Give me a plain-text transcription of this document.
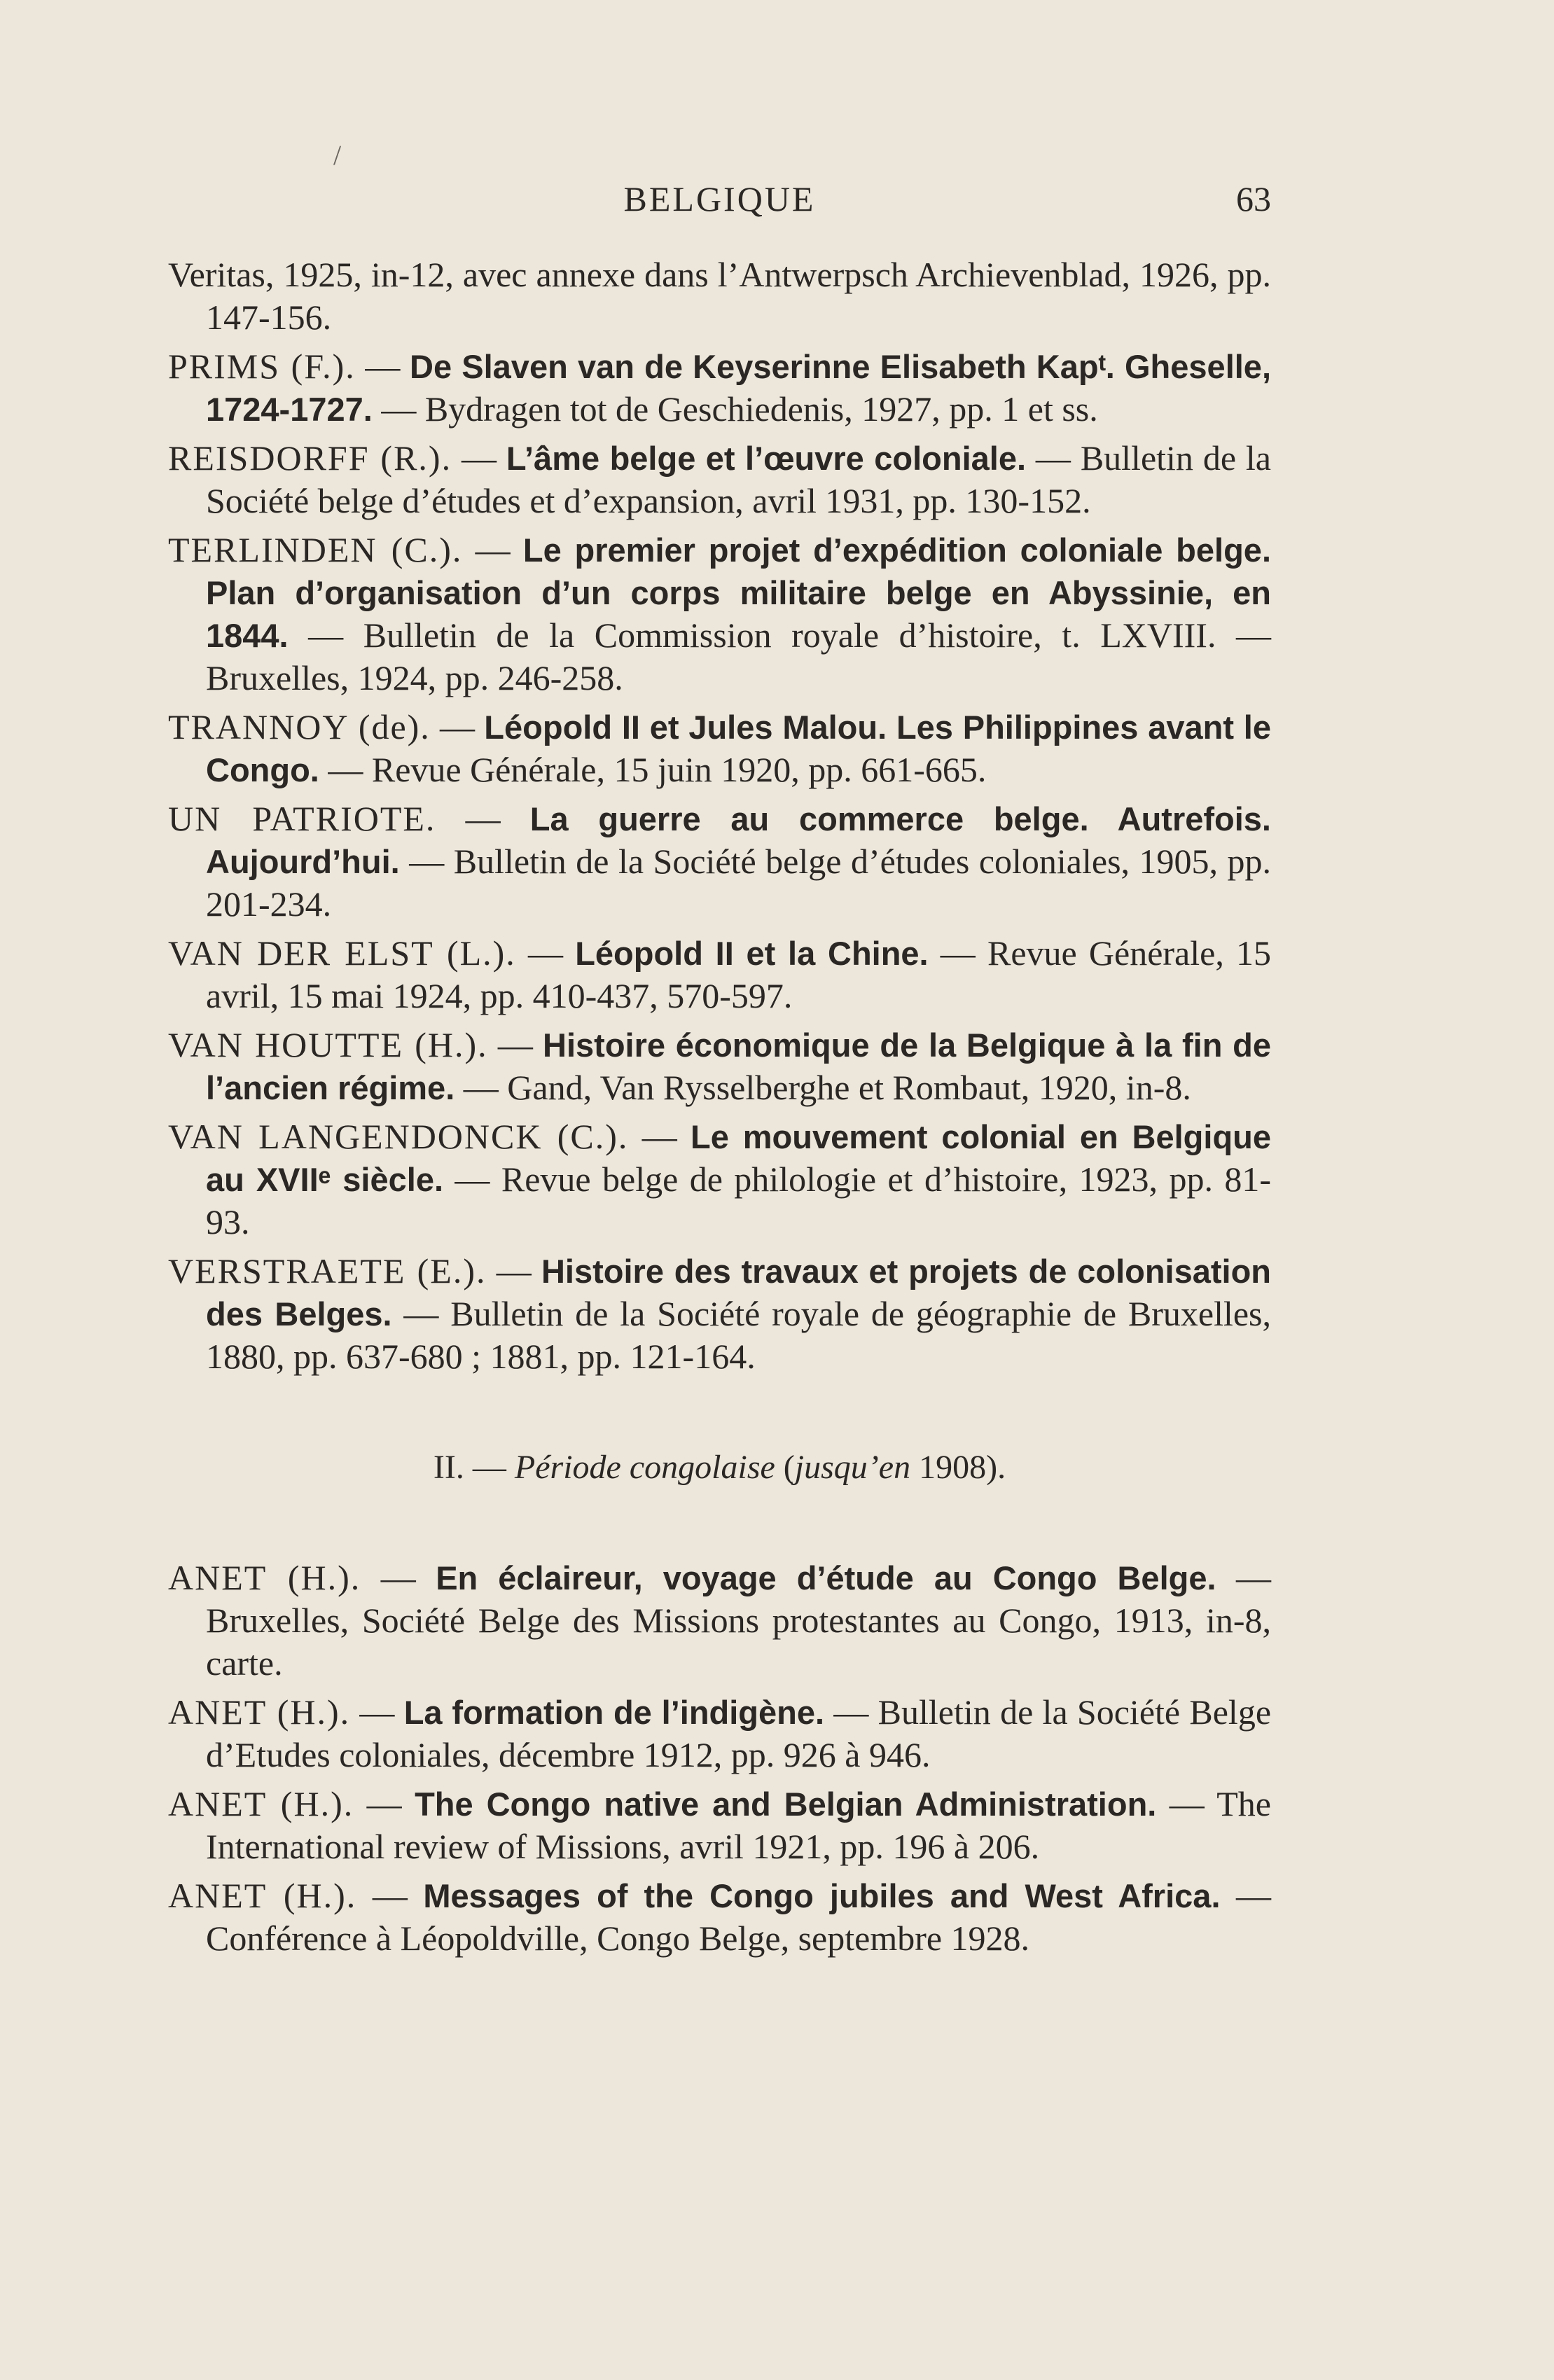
/
BELGIQUE	63

Veritas, 1925, in-12, avec annexe dans l’Antwerpsch Archievenblad, 1926, pp. 147-156.

PRIMS (F.). — De Slaven van de Keyserinne Elisabeth Kapᵗ. Gheselle, 1724-1727. — Bydragen tot de Geschiedenis, 1927, pp. 1 et ss.

REISDORFF (R.). — L’âme belge et l’œuvre coloniale. — Bulletin de la Société belge d’études et d’expansion, avril 1931, pp. 130-152.

TERLINDEN (C.). — Le premier projet d’expédition coloniale belge. Plan d’organisation d’un corps militaire belge en Abyssinie, en 1844. — Bulletin de la Commission royale d’histoire, t. LXVIII. — Bruxelles, 1924, pp. 246-258.

TRANNOY (de). — Léopold II et Jules Malou. Les Philippines avant le Congo. — Revue Générale, 15 juin 1920, pp. 661-665.

UN PATRIOTE. — La guerre au commerce belge. Autrefois. Aujourd’hui. — Bulletin de la Société belge d’études coloniales, 1905, pp. 201-234.

VAN DER ELST (L.). — Léopold II et la Chine. — Revue Générale, 15 avril, 15 mai 1924, pp. 410-437, 570-597.

VAN HOUTTE (H.). — Histoire économique de la Belgique à la fin de l’ancien régime. — Gand, Van Rysselberghe et Rombaut, 1920, in-8.

VAN LANGENDONCK (C.). — Le mouvement colonial en Belgique au XVIIᵉ siècle. — Revue belge de philologie et d’histoire, 1923, pp. 81-93.

VERSTRAETE (E.). — Histoire des travaux et projets de colonisation des Belges. — Bulletin de la Société royale de géographie de Bruxelles, 1880, pp. 637-680 ; 1881, pp. 121-164.

II. — Période congolaise (jusqu’en 1908).

ANET (H.). — En éclaireur, voyage d’étude au Congo Belge. — Bruxelles, Société Belge des Missions protestantes au Congo, 1913, in-8, carte.

ANET (H.). — La formation de l’indigène. — Bulletin de la Société Belge d’Etudes coloniales, décembre 1912, pp. 926 à 946.

ANET (H.). — The Congo native and Belgian Administration. — The International review of Missions, avril 1921, pp. 196 à 206.

ANET (H.). — Messages of the Congo jubiles and West Africa. — Conférence à Léopoldville, Congo Belge, septembre 1928.
